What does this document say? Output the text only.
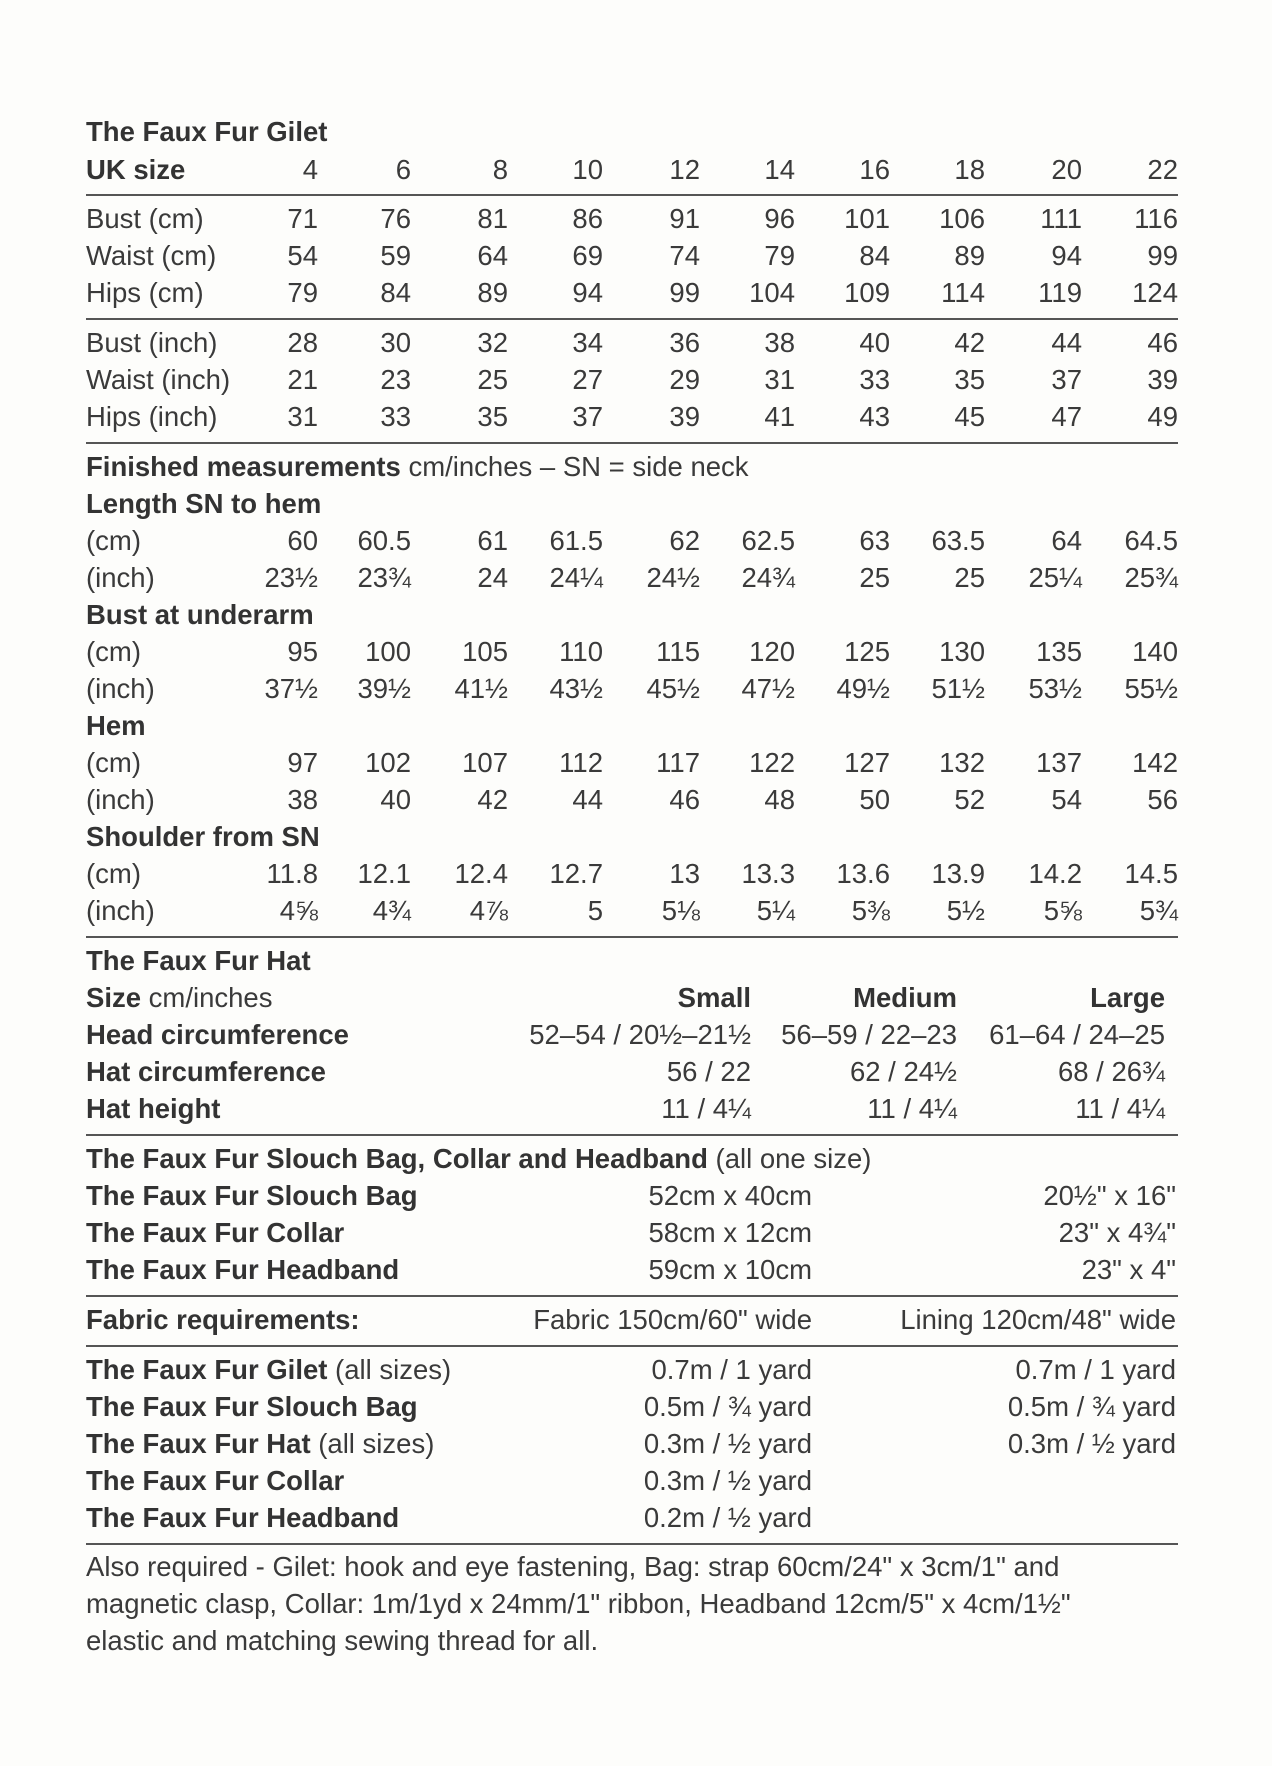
The Faux Fur Gilet
UK size	4	6	8 10 12 14 16 18 20 22
Bust (cm)	71 76 81 86 91 96 101 106 111 116
Waist (cm)	54 59 64 69 74 79 84 89 94 99
Hips (cm)	79 84 89 94 99 104 109 114 119 124
Bust (inch)	28 30 32 34 36 38 40 42 44 46
Waist (inch) 21 23 25 27 29 31 33 35 37 39
Hips (inch)	31 33 35 37 39 41 43 45 47 49
Finished measurements cm/inches – SN = side neck
Length SN to hem
(cm)	60 60.5 61 61.5 62 62.5 63 63.5 64 64.5
(inch)	23½ 23¾ 24 24¼ 24½ 24¾ 25 25 25¼ 25¾
Bust at underarm
(cm)	95 100 105 110 115 120 125 130 135 140
(inch)	37½ 39½ 41½ 43½ 45½ 47½ 49½ 51½ 53½ 55½
Hem
(cm)	97 102 107 112 117 122 127 132 137 142
(inch)	38 40 42 44 46 48 50 52 54 56
Shoulder from SN
(cm)	11.8 12.1 12.4 12.7 13 13.3 13.6 13.9 14.2 14.5
(inch)	4⅝ 4¾ 4⅞	5 5⅛ 5¼ 5⅜ 5½ 5⅝ 5¾
The Faux Fur Hat
Size cm/inches	Small	Medium	Large
Head circumference	52–54 / 20½–21½ 56–59 / 22–23 61–64 / 24–25
Hat circumference	56 / 22	62 / 24½	68 / 26¾
Hat height	11 / 4¼	11 / 4¼	11 / 4¼
The Faux Fur Slouch Bag, Collar and Headband (all one size)
The Faux Fur Slouch Bag	52cm x 40cm	20½" x 16"
The Faux Fur Collar	58cm x 12cm	23" x 4¾"
The Faux Fur Headband	59cm x 10cm	23" x 4"
Fabric requirements:	Fabric 150cm/60" wide	Lining 120cm/48" wide
The Faux Fur Gilet (all sizes)	0.7m / 1 yard	0.7m / 1 yard
The Faux Fur Slouch Bag	0.5m / ¾ yard	0.5m / ¾ yard
The Faux Fur Hat (all sizes)	0.3m / ½ yard	0.3m / ½ yard
The Faux Fur Collar	0.3m / ½ yard
The Faux Fur Headband	0.2m / ½ yard
Also required - Gilet: hook and eye fastening, Bag: strap 60cm/24" x 3cm/1" and
magnetic clasp, Collar: 1m/1yd x 24mm/1" ribbon, Headband 12cm/5" x 4cm/1½"
elastic and matching sewing thread for all.
